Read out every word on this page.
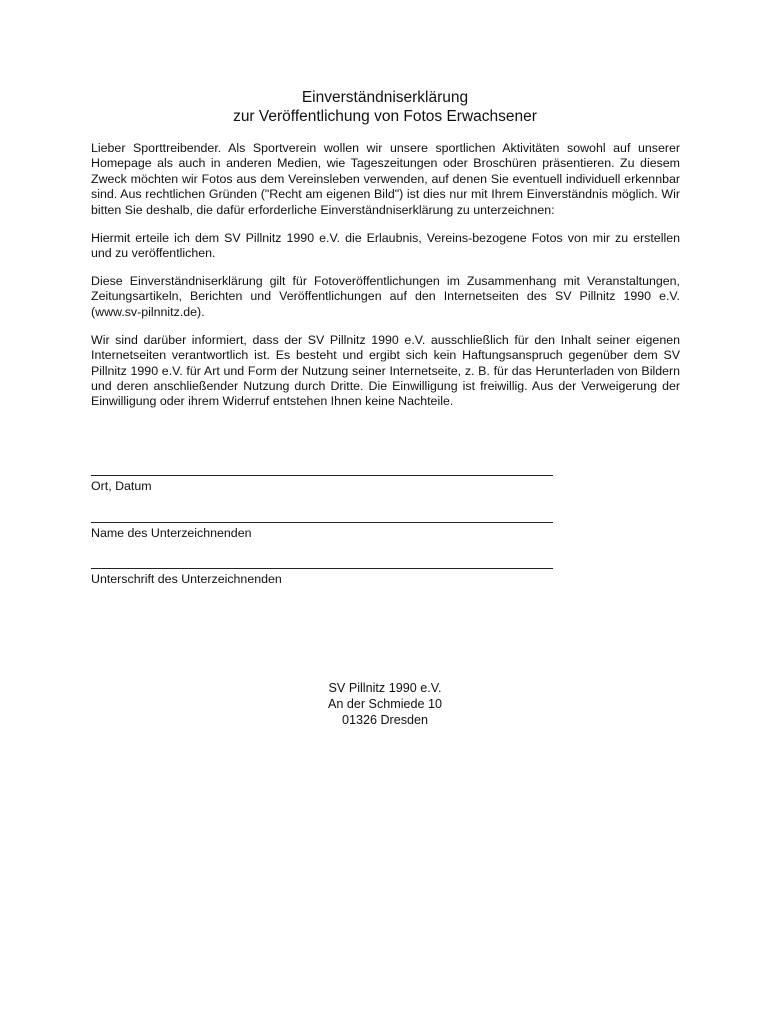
Einverständniserklärung
zur Veröffentlichung von Fotos Erwachsener

Lieber Sporttreibender. Als Sportverein wollen wir unsere sportlichen Aktivitäten sowohl auf unserer Homepage als auch in anderen Medien, wie Tageszeitungen oder Broschüren präsentieren. Zu diesem Zweck möchten wir Fotos aus dem Vereinsleben verwenden, auf denen Sie eventuell individuell erkennbar sind. Aus rechtlichen Gründen ("Recht am eigenen Bild") ist dies nur mit Ihrem Einverständnis möglich. Wir bitten Sie deshalb, die dafür erforderliche Einverständniserklärung zu unterzeichnen:

Hiermit erteile ich dem SV Pillnitz 1990 e.V. die Erlaubnis, Vereins-bezogene Fotos von mir zu erstellen und zu veröffentlichen.

Diese Einverständniserklärung gilt für Fotoveröffentlichungen im Zusammenhang mit Veranstaltungen, Zeitungsartikeln, Berichten und Veröffentlichungen auf den Internetseiten des SV Pillnitz 1990 e.V. (www.sv-pilnnitz.de).

Wir sind darüber informiert, dass der SV Pillnitz 1990 e.V. ausschließlich für den Inhalt seiner eigenen Internetseiten verantwortlich ist. Es besteht und ergibt sich kein Haftungsanspruch gegenüber dem SV Pillnitz 1990 e.V. für Art und Form der Nutzung seiner Internetseite, z. B. für das Herunterladen von Bildern und deren anschließender Nutzung durch Dritte. Die Einwilligung ist freiwillig. Aus der Verweigerung der Einwilligung oder ihrem Widerruf entstehen Ihnen keine Nachteile.

Ort, Datum
Name des Unterzeichnenden
Unterschrift des Unterzeichnenden
SV Pillnitz 1990 e.V.
An der Schmiede 10
01326 Dresden
